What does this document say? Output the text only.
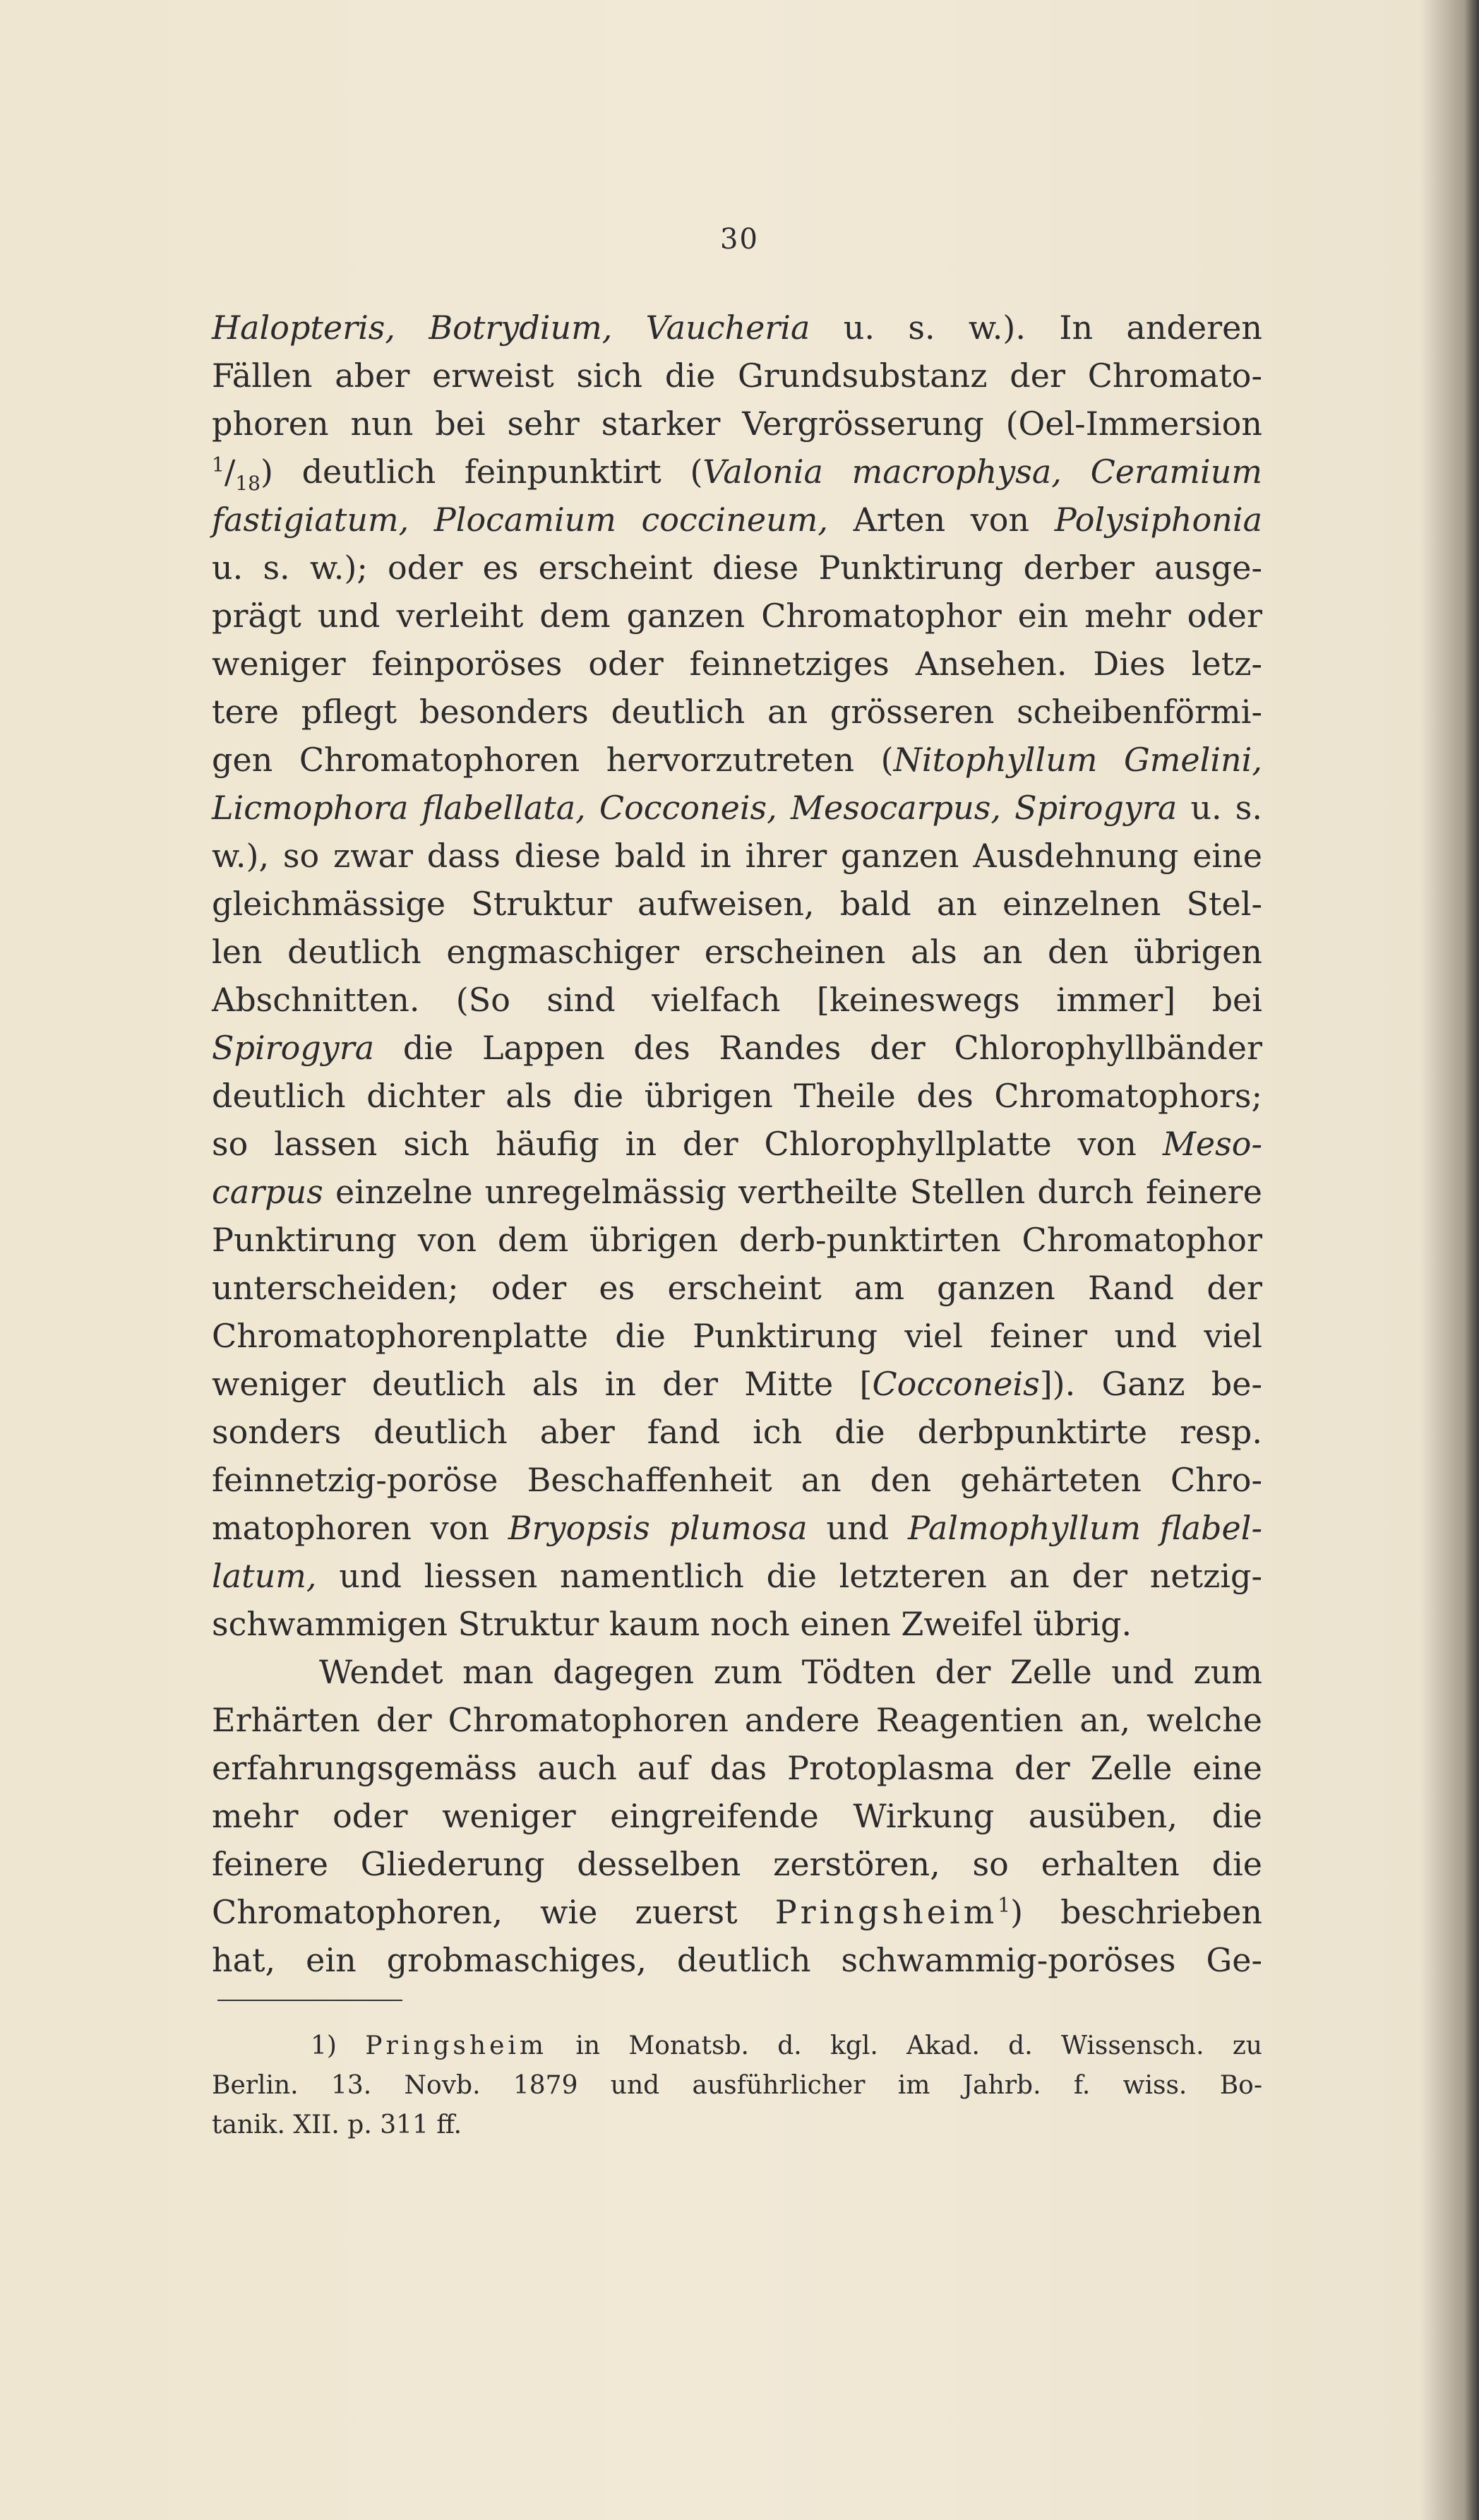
30
Halopteris, Botrydium, Vaucheria u. s. w.). In anderen
Fällen aber erweist sich die Grundsubstanz der Chromato-
phoren nun bei sehr starker Vergrösserung (Oel-Immersion
$^1/_{18}$) deutlich feinpunktirt (Valonia macrophysa, Ceramium
fastigiatum, Plocamium coccineum, Arten von Polysiphonia
u. s. w.); oder es erscheint diese Punktirung derber ausge-
prägt und verleiht dem ganzen Chromatophor ein mehr oder
weniger feinporöses oder feinnetziges Ansehen. Dies letz-
tere pflegt besonders deutlich an grösseren scheibenförmi-
gen Chromatophoren hervorzutreten (Nitophyllum Gmelini,
Licmophora flabellata, Cocconeis, Mesocarpus, Spirogyra u. s.
w.), so zwar dass diese bald in ihrer ganzen Ausdehnung eine
gleichmässige Struktur aufweisen, bald an einzelnen Stel-
len deutlich engmaschiger erscheinen als an den übrigen
Abschnitten. (So sind vielfach [keineswegs immer] bei
Spirogyra die Lappen des Randes der Chlorophyllbänder
deutlich dichter als die übrigen Theile des Chromatophors;
so lassen sich häufig in der Chlorophyllplatte von Meso-
carpus einzelne unregelmässig vertheilte Stellen durch feinere
Punktirung von dem übrigen derb-punktirten Chromatophor
unterscheiden; oder es erscheint am ganzen Rand der
Chromatophorenplatte die Punktirung viel feiner und viel
weniger deutlich als in der Mitte [Cocconeis]). Ganz be-
sonders deutlich aber fand ich die derbpunktirte resp.
feinnetzig-poröse Beschaffenheit an den gehärteten Chro-
matophoren von Bryopsis plumosa und Palmophyllum flabel-
latum, und liessen namentlich die letzteren an der netzig-
schwammigen Struktur kaum noch einen Zweifel übrig.
Wendet man dagegen zum Tödten der Zelle und zum
Erhärten der Chromatophoren andere Reagentien an, welche
erfahrungsgemäss auch auf das Protoplasma der Zelle eine
mehr oder weniger eingreifende Wirkung ausüben, die
feinere Gliederung desselben zerstören, so erhalten die
Chromatophoren, wie zuerst Pringsheim$^1$) beschrieben
hat, ein grobmaschiges, deutlich schwammig-poröses Ge-
1) Pringsheim in Monatsb. d. kgl. Akad. d. Wissensch. zu
Berlin. 13. Novb. 1879 und ausführlicher im Jahrb. f. wiss. Bo-
tanik. XII. p. 311 ff.
